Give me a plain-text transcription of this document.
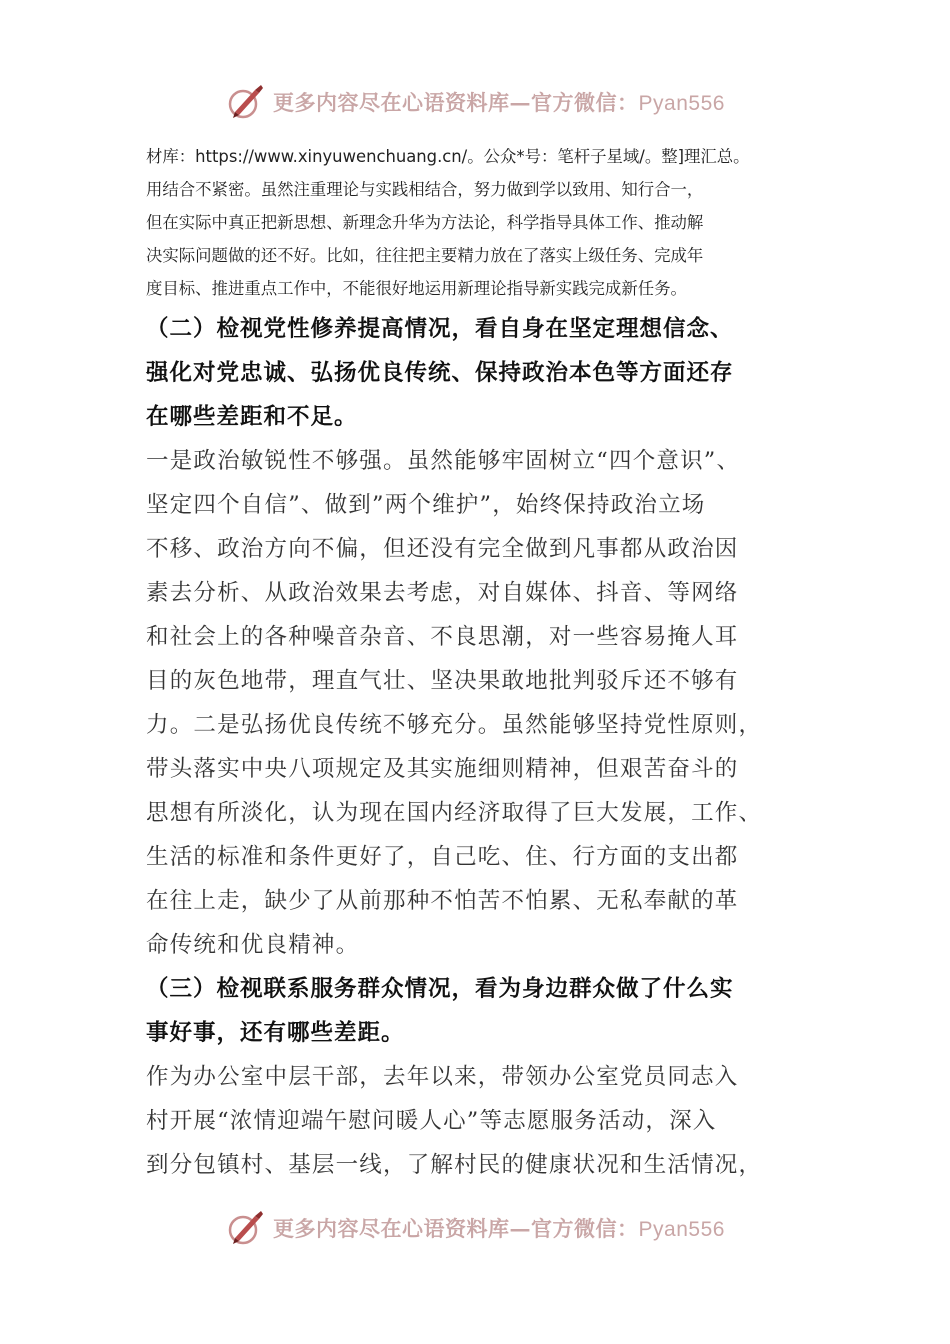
更多内容尽在心语资料库—官方微信：Pyan556

材库：https://www.xinyuwenchuang.cn/。公众*号：笔杆子星域/。整]理汇总。

用结合不紧密。虽然注重理论与实践相结合，努力做到学以致用、知行合一，

但在实际中真正把新思想、新理念升华为方法论，科学指导具体工作、推动解

决实际问题做的还不好。比如，往往把主要精力放在了落实上级任务、完成年

度目标、推进重点工作中，不能很好地运用新理论指导新实践完成新任务。

（二）检视党性修养提高情况，看自身在坚定理想信念、

强化对党忠诚、弘扬优良传统、保持政治本色等方面还存

在哪些差距和不足。

一是政治敏锐性不够强。虽然能够牢固树立“四个意识”、

坚定四个自信”、做到”两个维护”，始终保持政治立场

不移、政治方向不偏，但还没有完全做到凡事都从政治因

素去分析、从政治效果去考虑，对自媒体、抖音、等网络

和社会上的各种噪音杂音、不良思潮，对一些容易掩人耳

目的灰色地带，理直气壮、坚决果敢地批判驳斥还不够有

力。二是弘扬优良传统不够充分。虽然能够坚持党性原则，

带头落实中央八项规定及其实施细则精神，但艰苦奋斗的

思想有所淡化，认为现在国内经济取得了巨大发展，工作、

生活的标准和条件更好了，自己吃、住、行方面的支出都

在往上走，缺少了从前那种不怕苦不怕累、无私奉献的革

命传统和优良精神。

（三）检视联系服务群众情况，看为身边群众做了什么实

事好事，还有哪些差距。

作为办公室中层干部，去年以来，带领办公室党员同志入

村开展“浓情迎端午慰问暖人心”等志愿服务活动，深入

到分包镇村、基层一线，了解村民的健康状况和生活情况，

更多内容尽在心语资料库—官方微信：Pyan556
